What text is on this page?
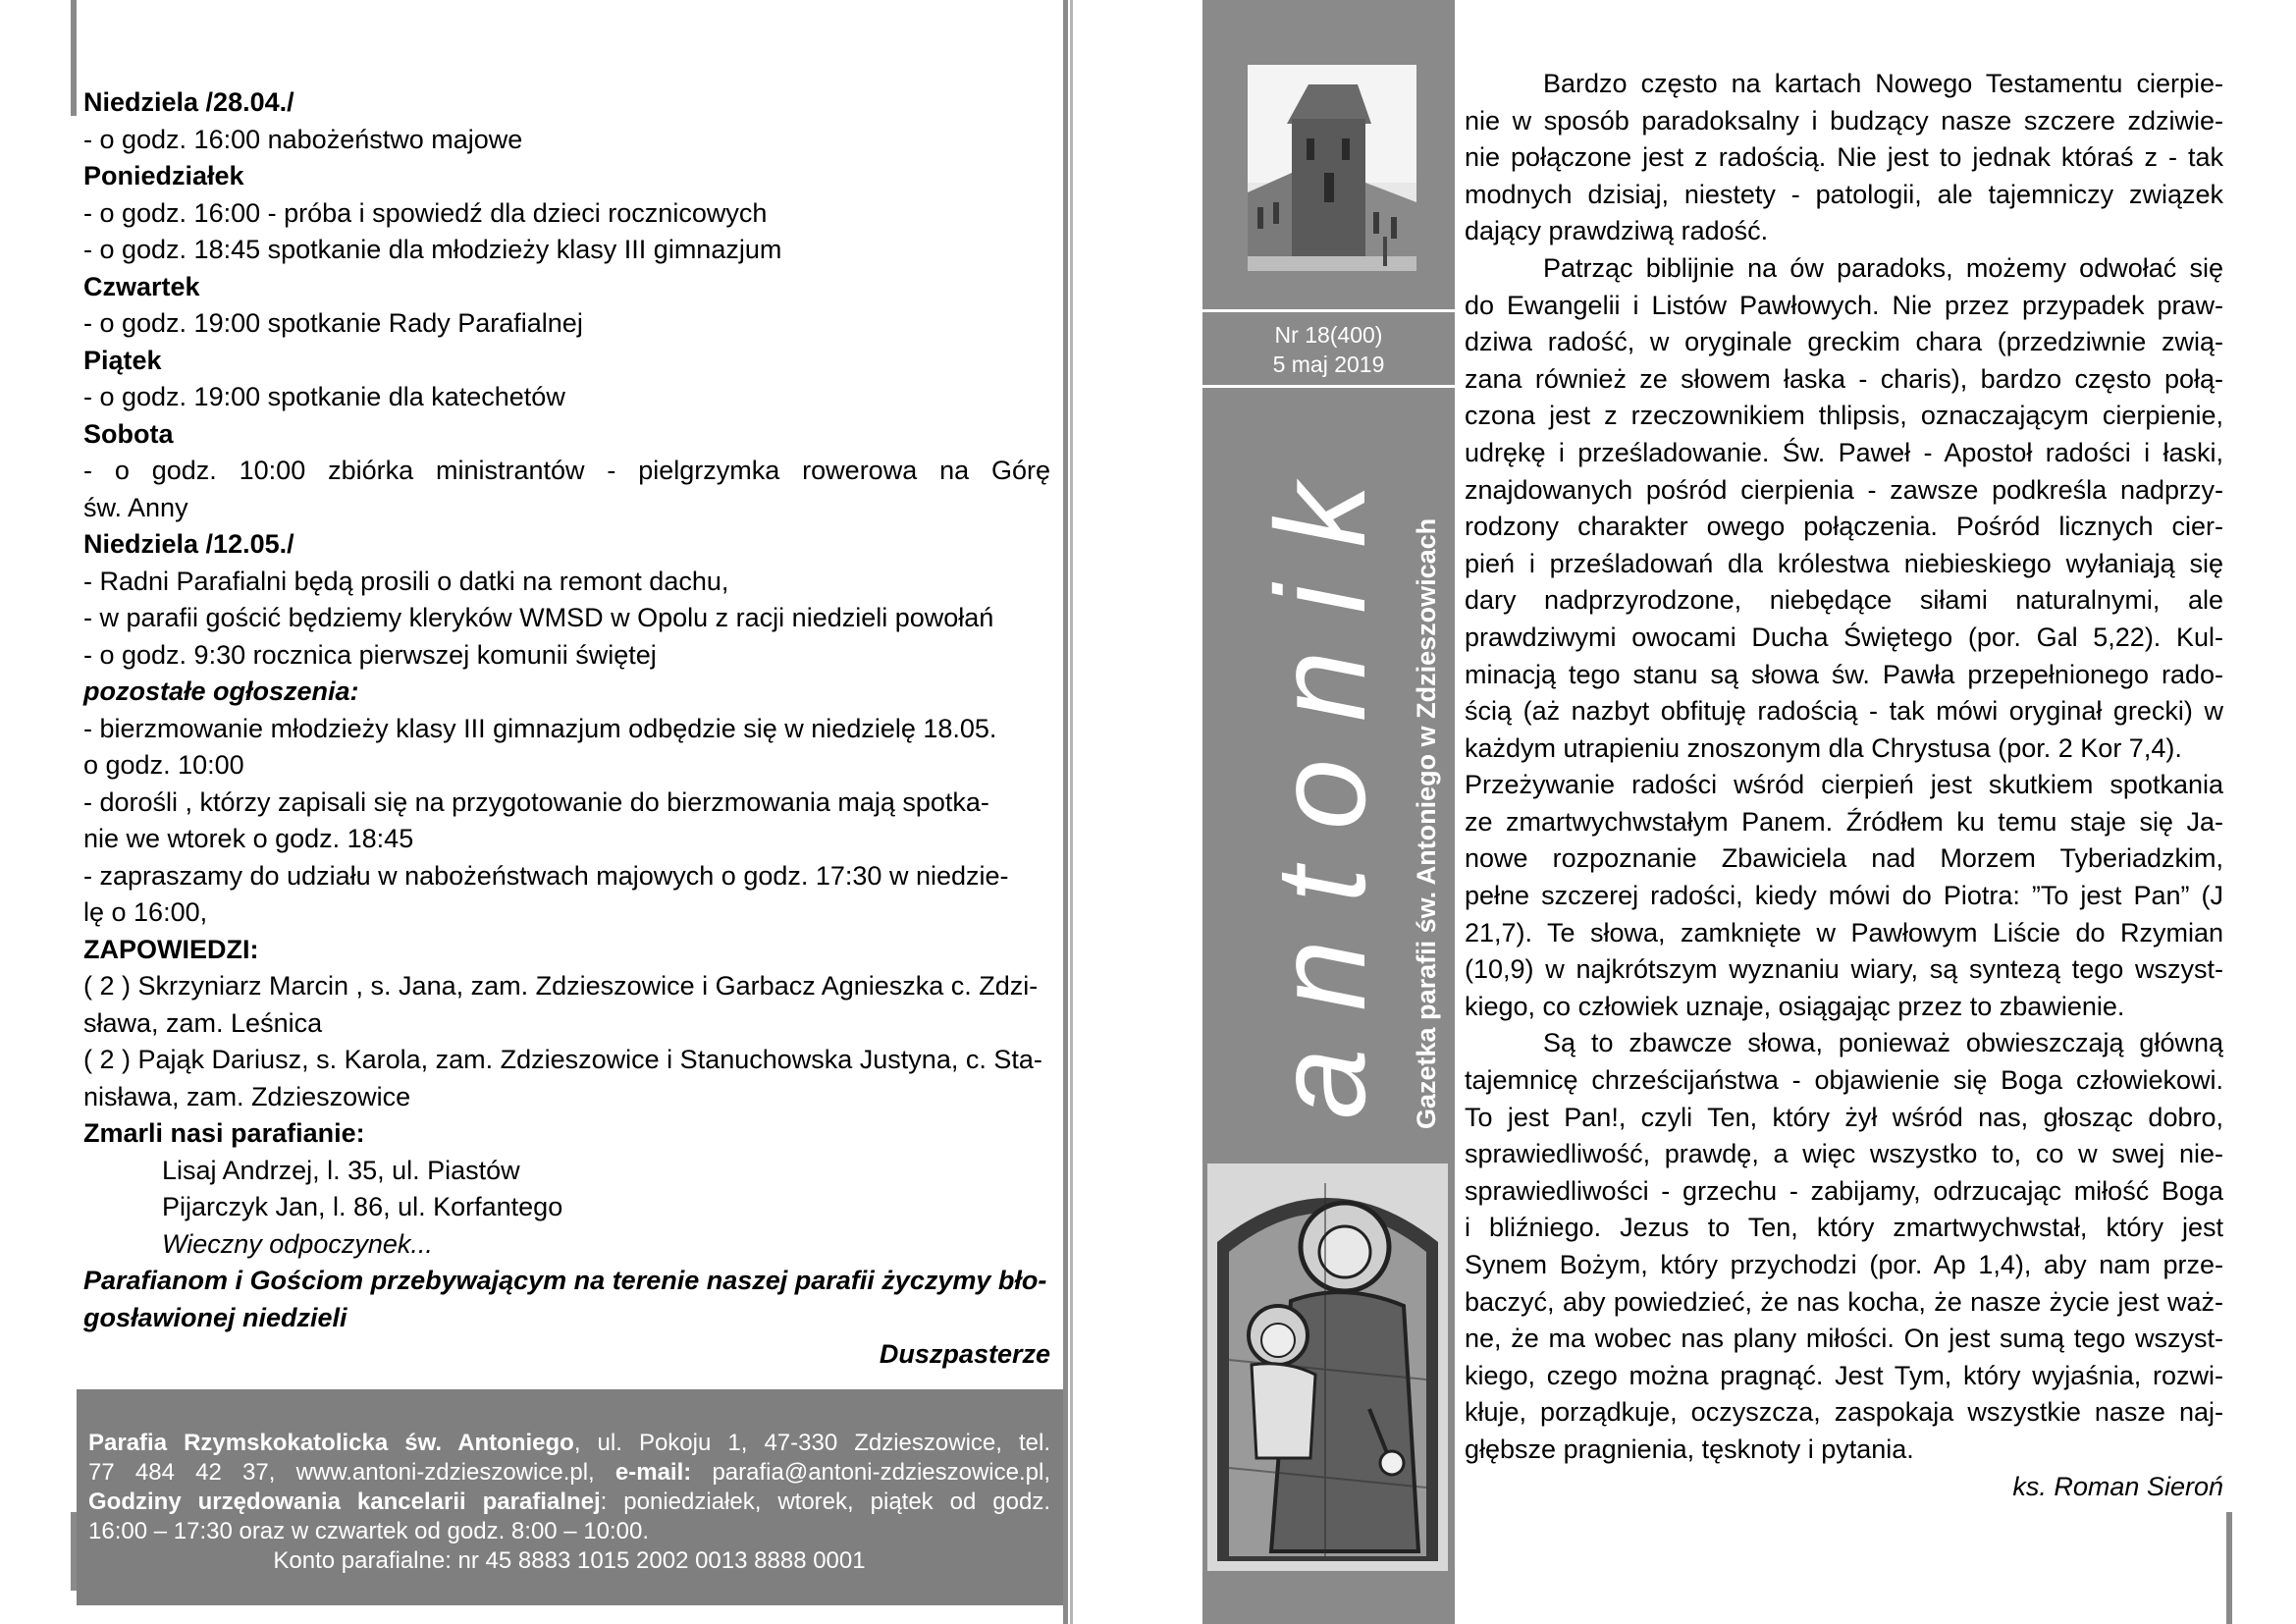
Niedziela /28.04./
- o godz. 16:00 nabożeństwo majowe
Poniedziałek
- o godz. 16:00 - próba i spowiedź dla dzieci rocznicowych
- o godz. 18:45 spotkanie dla młodzieży klasy III gimnazjum
Czwartek
- o godz. 19:00 spotkanie Rady Parafialnej
Piątek
- o godz. 19:00 spotkanie dla katechetów
Sobota
- o godz. 10:00 zbiórka ministrantów - pielgrzymka rowerowa na Górę
św. Anny
Niedziela /12.05./
- Radni Parafialni będą prosili o datki na remont dachu,
- w parafii gościć będziemy kleryków WMSD w Opolu z racji niedzieli powołań
- o godz. 9:30 rocznica pierwszej komunii świętej
pozostałe ogłoszenia:
- bierzmowanie młodzieży klasy III gimnazjum odbędzie się w niedzielę 18.05.
o godz. 10:00
- dorośli , którzy zapisali się na przygotowanie do bierzmowania mają spotka-
nie we wtorek o godz. 18:45
- zapraszamy do udziału w nabożeństwach majowych o godz. 17:30 w niedzie-
lę o 16:00,
ZAPOWIEDZI:
( 2 ) Skrzyniarz Marcin , s. Jana, zam. Zdzieszowice i Garbacz Agnieszka c. Zdzi-
sława, zam. Leśnica
( 2 ) Pająk Dariusz, s. Karola, zam. Zdzieszowice i Stanuchowska Justyna, c. Sta-
nisława, zam. Zdzieszowice
Zmarli nasi parafianie:
Lisaj Andrzej, l. 35, ul. Piastów
Pijarczyk Jan, l. 86, ul. Korfantego
Wieczny odpoczynek...
Parafianom i Gościom przebywającym na terenie naszej parafii życzymy bło-
gosławionej niedzieli
Duszpasterze
Parafia Rzymskokatolicka św. Antoniego, ul. Pokoju 1, 47-330 Zdzieszowice, tel.
77 484 42 37, www.antoni-zdzieszowice.pl, e-mail: parafia@antoni-zdzieszowice.pl,
Godziny urzędowania kancelarii parafialnej: poniedziałek, wtorek, piątek od godz.
16:00 – 17:30 oraz w czwartek od godz. 8:00 – 10:00.
Konto parafialne: nr 45 8883 1015 2002 0013 8888 0001
Nr 18(400)
5 maj 2019
antonik Gazetka parafii św. Antoniego w Zdzieszowicach
Bardzo często na kartach Nowego Testamentu cierpie-
nie w sposób paradoksalny i budzący nasze szczere zdziwie-
nie połączone jest z radością. Nie jest to jednak któraś z - tak
modnych dzisiaj, niestety - patologii, ale tajemniczy związek
dający prawdziwą radość.
Patrząc biblijnie na ów paradoks, możemy odwołać się
do Ewangelii i Listów Pawłowych. Nie przez przypadek praw-
dziwa radość, w oryginale greckim chara (przedziwnie zwią-
zana również ze słowem łaska - charis), bardzo często połą-
czona jest z rzeczownikiem thlipsis, oznaczającym cierpienie,
udrękę i prześladowanie. Św. Paweł - Apostoł radości i łaski,
znajdowanych pośród cierpienia - zawsze podkreśla nadprzy-
rodzony charakter owego połączenia. Pośród licznych cier-
pień i prześladowań dla królestwa niebieskiego wyłaniają się
dary nadprzyrodzone, niebędące siłami naturalnymi, ale
prawdziwymi owocami Ducha Świętego (por. Gal 5,22). Kul-
minacją tego stanu są słowa św. Pawła przepełnionego rado-
ścią (aż nazbyt obfituję radością - tak mówi oryginał grecki) w
każdym utrapieniu znoszonym dla Chrystusa (por. 2 Kor 7,4).
Przeżywanie radości wśród cierpień jest skutkiem spotkania
ze zmartwychwstałym Panem. Źródłem ku temu staje się Ja-
nowe rozpoznanie Zbawiciela nad Morzem Tyberiadzkim,
pełne szczerej radości, kiedy mówi do Piotra: ”To jest Pan” (J
21,7). Te słowa, zamknięte w Pawłowym Liście do Rzymian
(10,9) w najkrótszym wyznaniu wiary, są syntezą tego wszyst-
kiego, co człowiek uznaje, osiągając przez to zbawienie.
Są to zbawcze słowa, ponieważ obwieszczają główną
tajemnicę chrześcijaństwa - objawienie się Boga człowiekowi.
To jest Pan!, czyli Ten, który żył wśród nas, głosząc dobro,
sprawiedliwość, prawdę, a więc wszystko to, co w swej nie-
sprawiedliwości - grzechu - zabijamy, odrzucając miłość Boga
i bliźniego. Jezus to Ten, który zmartwychwstał, który jest
Synem Bożym, który przychodzi (por. Ap 1,4), aby nam prze-
baczyć, aby powiedzieć, że nas kocha, że nasze życie jest waż-
ne, że ma wobec nas plany miłości. On jest sumą tego wszyst-
kiego, czego można pragnąć. Jest Tym, który wyjaśnia, rozwi-
kłuje, porządkuje, oczyszcza, zaspokaja wszystkie nasze naj-
głębsze pragnienia, tęsknoty i pytania.
ks. Roman Sieroń
